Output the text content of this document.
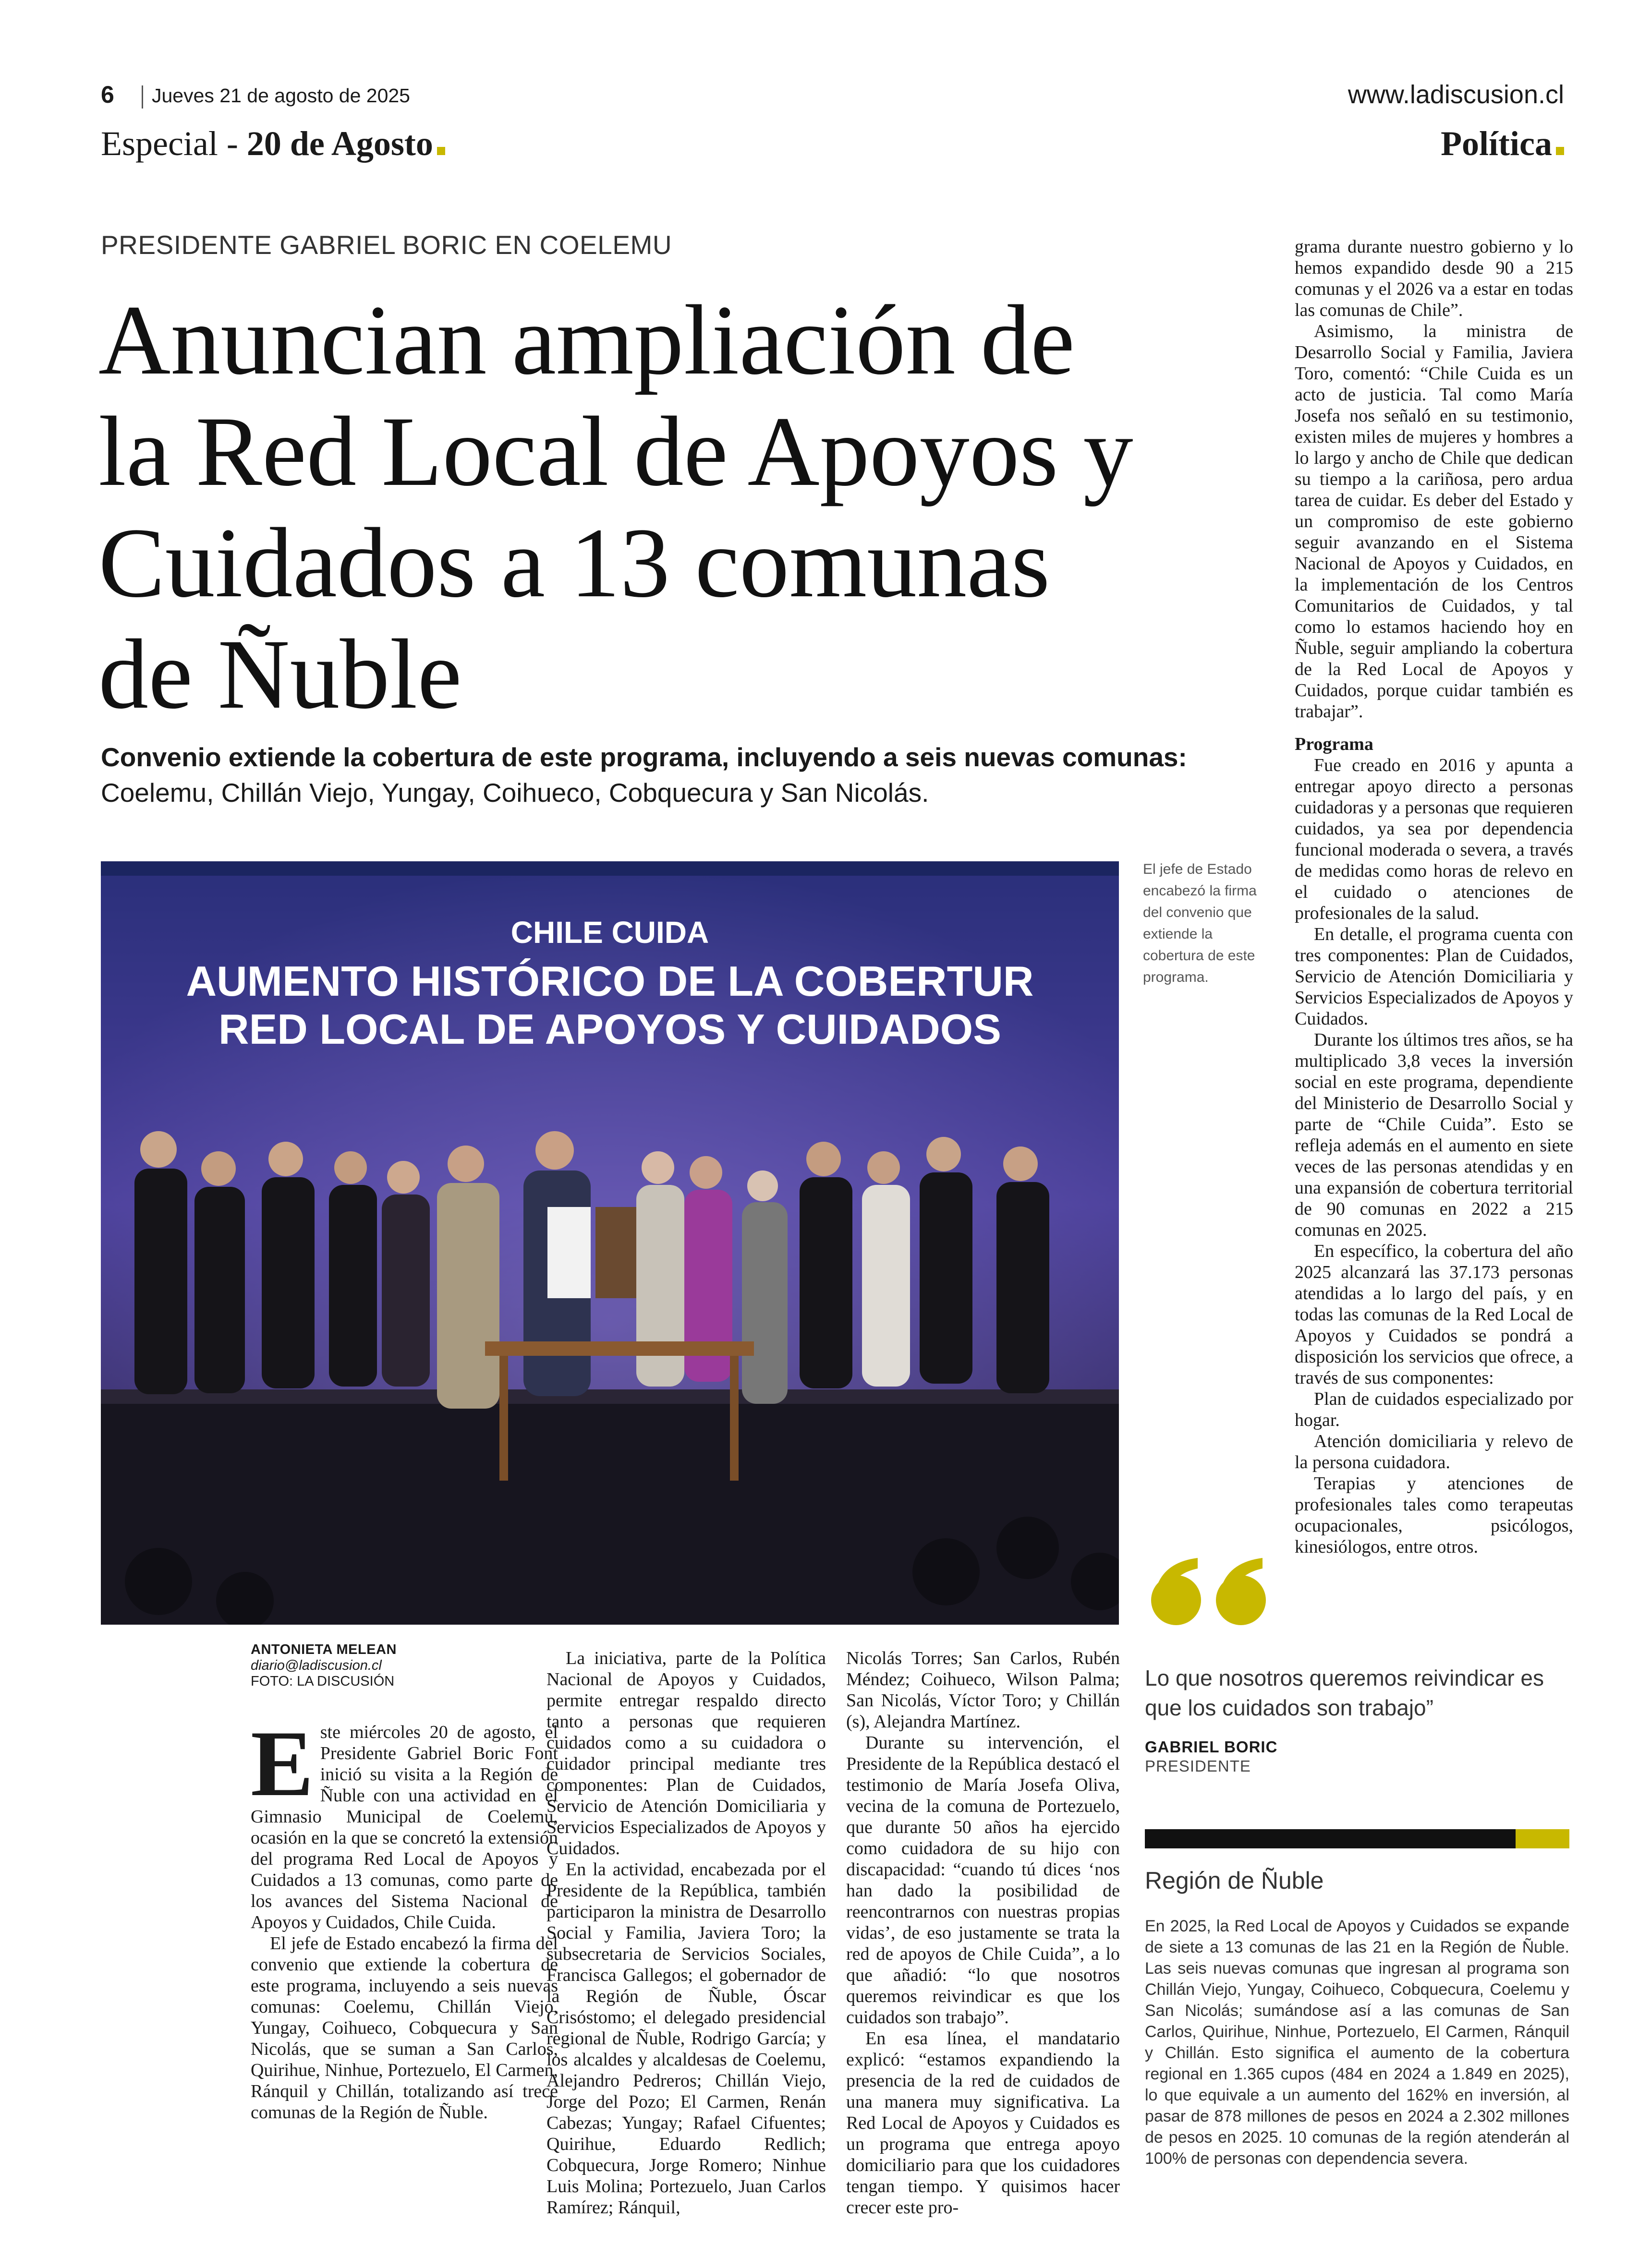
6 Jueves 21 de agosto de 2025	www.ladiscusion.cl
Especial - 20 de Agosto	Política
PRESIDENTE GABRIEL BORIC EN COELEMU
Anuncian ampliación de la Red Local de Apoyos y Cuidados a 13 comunas de Ñuble
Convenio extiende la cobertura de este programa, incluyendo a seis nuevas comunas:
Coelemu, Chillán Viejo, Yungay, Coihueco, Cobquecura y San Nicolás.
CHILE CUIDA
AUMENTO HISTÓRICO DE LA COBERTUR
RED LOCAL DE APOYOS Y CUIDADOS
El jefe de Estado encabezó la firma del convenio que extiende la cobertura de este programa.
ANTONIETA MELEAN
diario@ladiscusion.cl
FOTO: LA DISCUSIÓN
E ste miércoles 20 de agosto, el Presidente Gabriel Boric Font inició su visita a la Región de Ñuble con una actividad en el Gimnasio Municipal de Coelemu, ocasión en la que se concretó la extensión del programa Red Local de Apoyos y Cuidados a 13 comunas, como parte de los avances del Sistema Nacional de Apoyos y Cuidados, Chile Cuida.

El jefe de Estado encabezó la firma del convenio que extiende la cobertura de este programa, incluyendo a seis nuevas comunas: Coelemu, Chillán Viejo, Yungay, Coihueco, Cobquecura y San Nicolás, que se suman a San Carlos, Quirihue, Ninhue, Portezuelo, El Carmen, Ránquil y Chillán, totalizando así trece comunas de la Región de Ñuble.

La iniciativa, parte de la Política Nacional de Apoyos y Cuidados, permite entregar respaldo directo tanto a personas que requieren cuidados como a su cuidadora o cuidador principal mediante tres componentes: Plan de Cuidados, Servicio de Atención Domiciliaria y Servicios Especializados de Apoyos y Cuidados.

En la actividad, encabezada por el Presidente de la República, también participaron la ministra de Desarrollo Social y Familia, Javiera Toro; la subsecretaria de Servicios Sociales, Francisca Gallegos; el gobernador de la Región de Ñuble, Óscar Crisóstomo; el delegado presidencial regional de Ñuble, Rodrigo García; y los alcaldes y alcaldesas de Coelemu, Alejandro Pedreros; Chillán Viejo, Jorge del Pozo; El Carmen, Renán Cabezas; Yungay; Rafael Cifuentes; Quirihue, Eduardo Redlich; Cobquecura, Jorge Romero; Ninhue Luis Molina; Portezuelo, Juan Carlos Ramírez; Ránquil,

Nicolás Torres; San Carlos, Rubén Méndez; Coihueco, Wilson Palma; San Nicolás, Víctor Toro; y Chillán (s), Alejandra Martínez.

Durante su intervención, el Presidente de la República destacó el testimonio de María Josefa Oliva, vecina de la comuna de Portezuelo, que durante 50 años ha ejercido como cuidadora de su hijo con discapacidad: “cuando tú dices ‘nos han dado la posibilidad de reencontrarnos con nuestras propias vidas’, de eso justamente se trata la red de apoyos de Chile Cuida”, a lo que añadió: “lo que nosotros queremos reivindicar es que los cuidados son trabajo”.

En esa línea, el mandatario explicó: “estamos expandiendo la presencia de la red de cuidados de una manera muy significativa. La Red Local de Apoyos y Cuidados es un programa que entrega apoyo domiciliario para que los cuidadores tengan tiempo. Y quisimos hacer crecer este pro-

grama durante nuestro gobierno y lo hemos expandido desde 90 a 215 comunas y el 2026 va a estar en todas las comunas de Chile”.

Asimismo, la ministra de Desarrollo Social y Familia, Javiera Toro, comentó: “Chile Cuida es un acto de justicia. Tal como María Josefa nos señaló en su testimonio, existen miles de mujeres y hombres a lo largo y ancho de Chile que dedican su tiempo a la cariñosa, pero ardua tarea de cuidar. Es deber del Estado y un compromiso de este gobierno seguir avanzando en el Sistema Nacional de Apoyos y Cuidados, en la implementación de los Centros Comunitarios de Cuidados, y tal como lo estamos haciendo hoy en Ñuble, seguir ampliando la cobertura de la Red Local de Apoyos y Cuidados, porque cuidar también es trabajar”.

Programa

Fue creado en 2016 y apunta a entregar apoyo directo a personas cuidadoras y a personas que requieren cuidados, ya sea por dependencia funcional moderada o severa, a través de medidas como horas de relevo en el cuidado o atenciones de profesionales de la salud.

En detalle, el programa cuenta con tres componentes: Plan de Cuidados, Servicio de Atención Domiciliaria y Servicios Especializados de Apoyos y Cuidados.

Durante los últimos tres años, se ha multiplicado 3,8 veces la inversión social en este programa, dependiente del Ministerio de Desarrollo Social y parte de “Chile Cuida”. Esto se refleja además en el aumento en siete veces de las personas atendidas y en una expansión de cobertura territorial de 90 comunas en 2022 a 215 comunas en 2025.

En específico, la cobertura del año 2025 alcanzará las 37.173 personas atendidas a lo largo del país, y en todas las comunas de la Red Local de Apoyos y Cuidados se pondrá a disposición los servicios que ofrece, a través de sus componentes:

Plan de cuidados especializado por hogar.

Atención domiciliaria y relevo de la persona cuidadora.

Terapias y atenciones de profesionales tales como terapeutas ocupacionales, psicólogos, kinesiólogos, entre otros.

Lo que nosotros queremos reivindicar es que los cuidados son trabajo”
GABRIEL BORIC
PRESIDENTE
Región de Ñuble
En 2025, la Red Local de Apoyos y Cuidados se expande de siete a 13 comunas de las 21 en la Región de Ñuble. Las seis nuevas comunas que ingresan al programa son Chillán Viejo, Yungay, Coihueco, Cobquecura, Coelemu y San Nicolás; sumándose así a las comunas de San Carlos, Quirihue, Ninhue, Portezuelo, El Carmen, Ránquil y Chillán. Esto significa el aumento de la cobertura regional en 1.365 cupos (484 en 2024 a 1.849 en 2025), lo que equivale a un aumento del 162% en inversión, al pasar de 878 millones de pesos en 2024 a 2.302 millones de pesos en 2025. 10 comunas de la región atenderán al 100% de personas con dependencia severa.
